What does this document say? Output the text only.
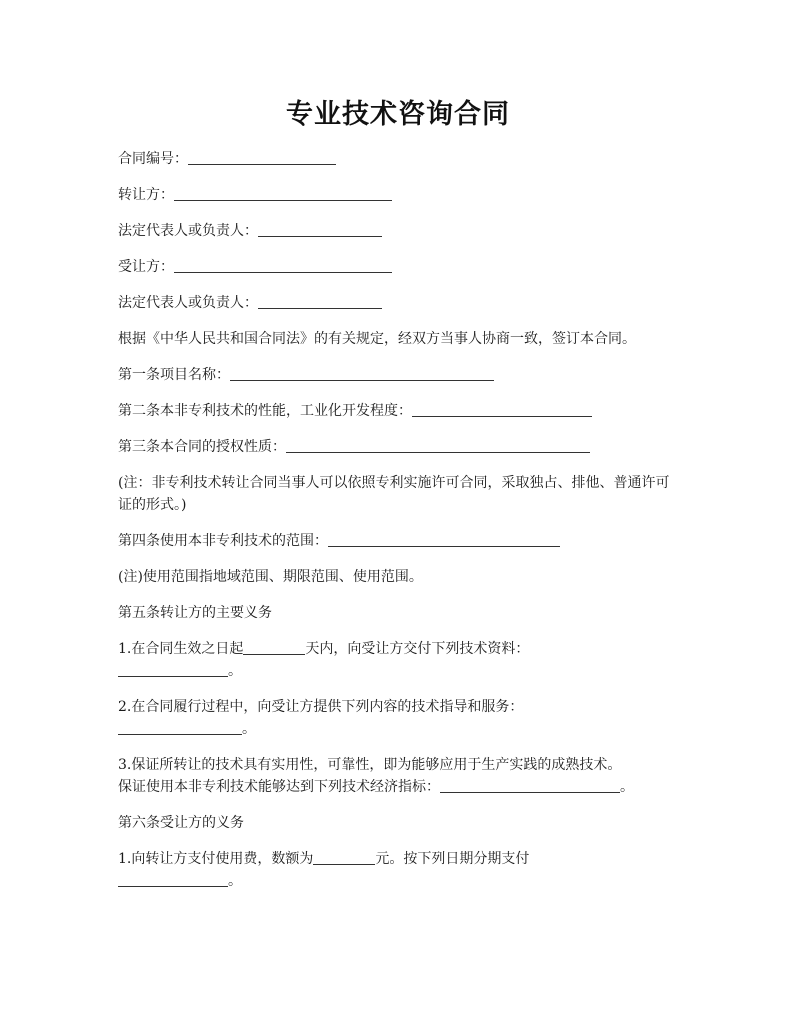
专业技术咨询合同

合同编号：

转让方：

法定代表人或负责人：

受让方：

法定代表人或负责人：

根据《中华人民共和国合同法》的有关规定，经双方当事人协商一致，签订本合同。

第一条项目名称：

第二条本非专利技术的性能，工业化开发程度：

第三条本合同的授权性质：

(注：非专利技术转让合同当事人可以依照专利实施许可合同，采取独占、排他、普通许可证的形式。)

第四条使用本非专利技术的范围：

(注)使用范围指地域范围、期限范围、使用范围。

第五条转让方的主要义务

1.在合同生效之日起	天内，向受让方交付下列技术资料：
。

2.在合同履行过程中，向受让方提供下列内容的技术指导和服务：
。

3.保证所转让的技术具有实用性，可靠性，即为能够应用于生产实践的成熟技术。
保证使用本非专利技术能够达到下列技术经济指标：	。

第六条受让方的义务

1.向转让方支付使用费，数额为	元。按下列日期分期支付
。
